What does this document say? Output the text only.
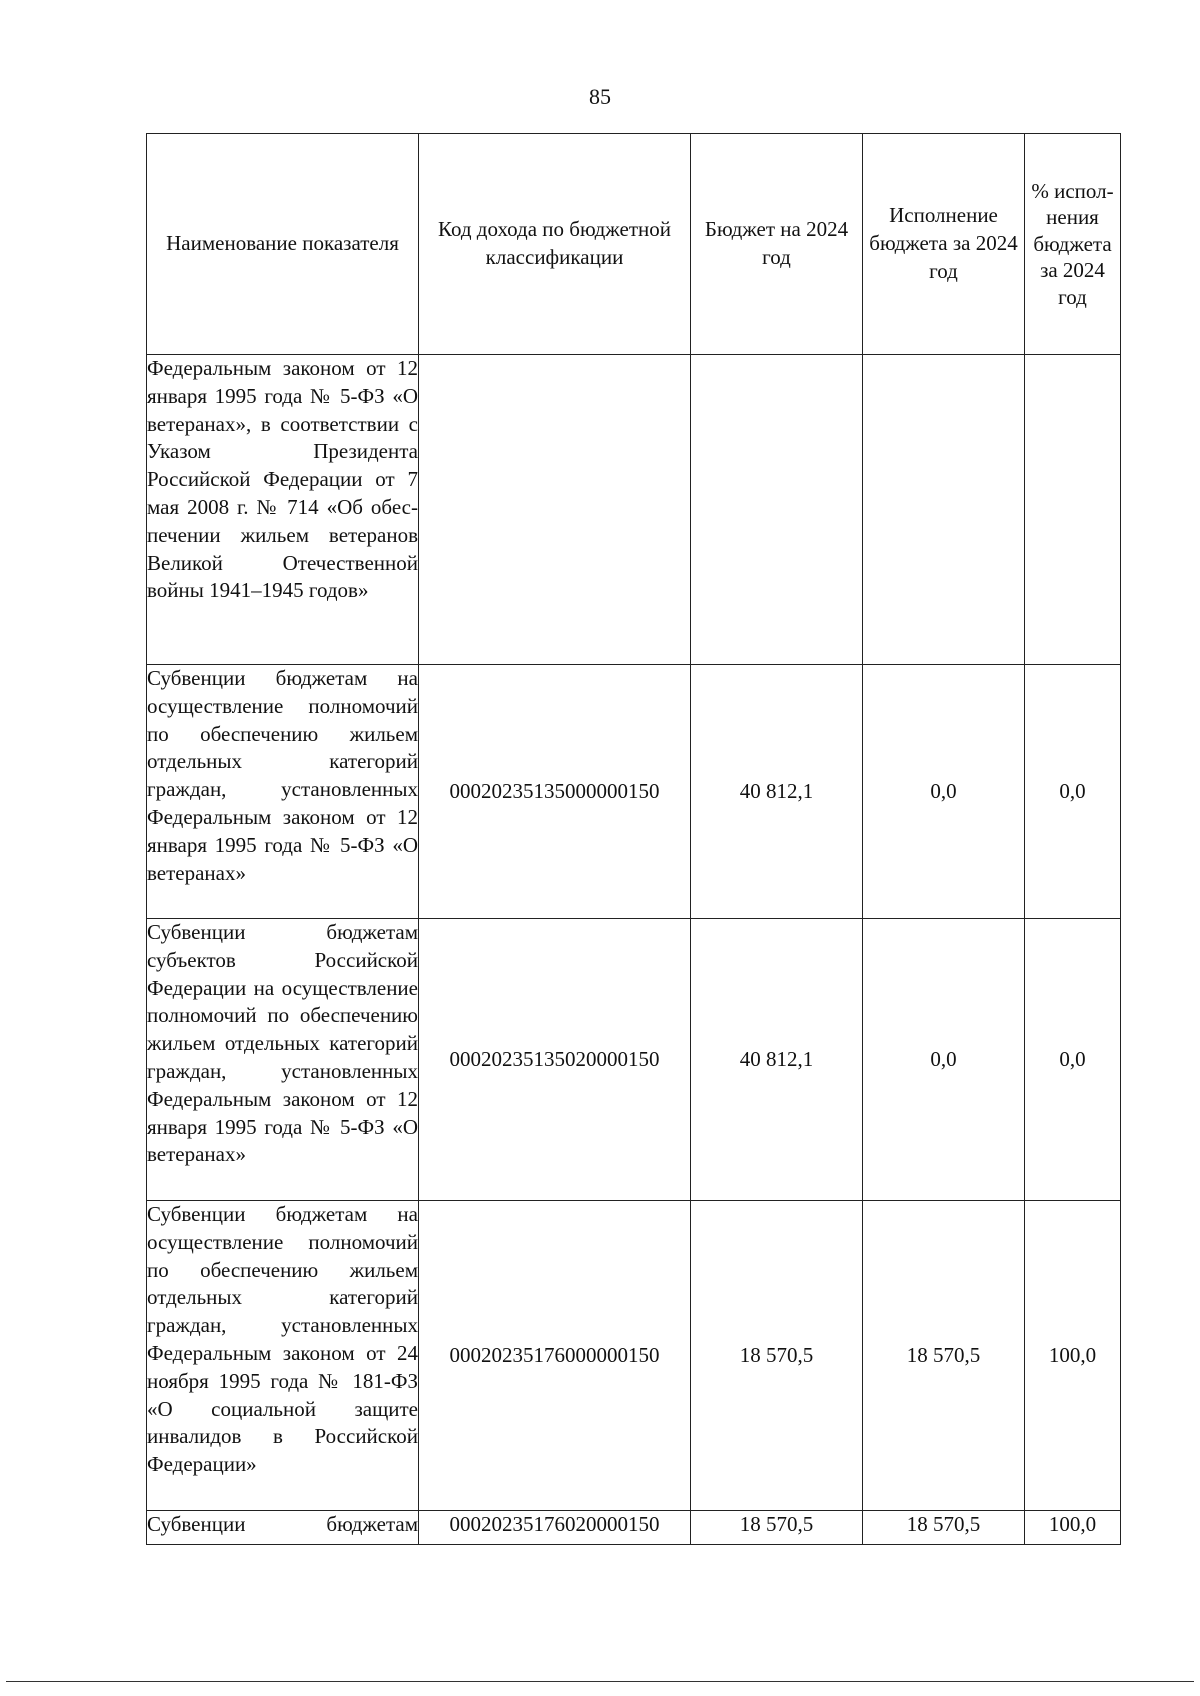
85
Наименование показателя	Код дохода по бюджетной классификации	Бюджет на 2024 год	Исполнение бюджета за 2024 год	% исполнения бюджета за 2024 год
Федеральным законом от 12 января 1995 года № 5-ФЗ «О ветеранах», в соответствии с Указом Президента Российской Федерации от 7 мая 2008 г. № 714 «Об обеспечении жильем ветеранов Великой Отечественной войны 1941–1945 годов»				
Субвенции бюджетам на осуществление полномочий по обеспечению жильем отдельных категорий граждан, установленных Федеральным законом от 12 января 1995 года № 5-ФЗ «О ветеранах»	00020235135000000150	40 812,1	0,0	0,0
Субвенции бюджетам субъектов Российской Федерации на осуществление полномочий по обеспечению жильем отдельных категорий граждан, установленных Федеральным законом от 12 января 1995 года № 5-ФЗ «О ветеранах»	00020235135020000150	40 812,1	0,0	0,0
Субвенции бюджетам на осуществление полномочий по обеспечению жильем отдельных категорий граждан, установленных Федеральным законом от 24 ноября 1995 года № 181-ФЗ «О социальной защите инвалидов в Российской Федерации»	00020235176000000150	18 570,5	18 570,5	100,0

Субвенции бюджетам	00020235176020000150	18 570,5	18 570,5	100,0
